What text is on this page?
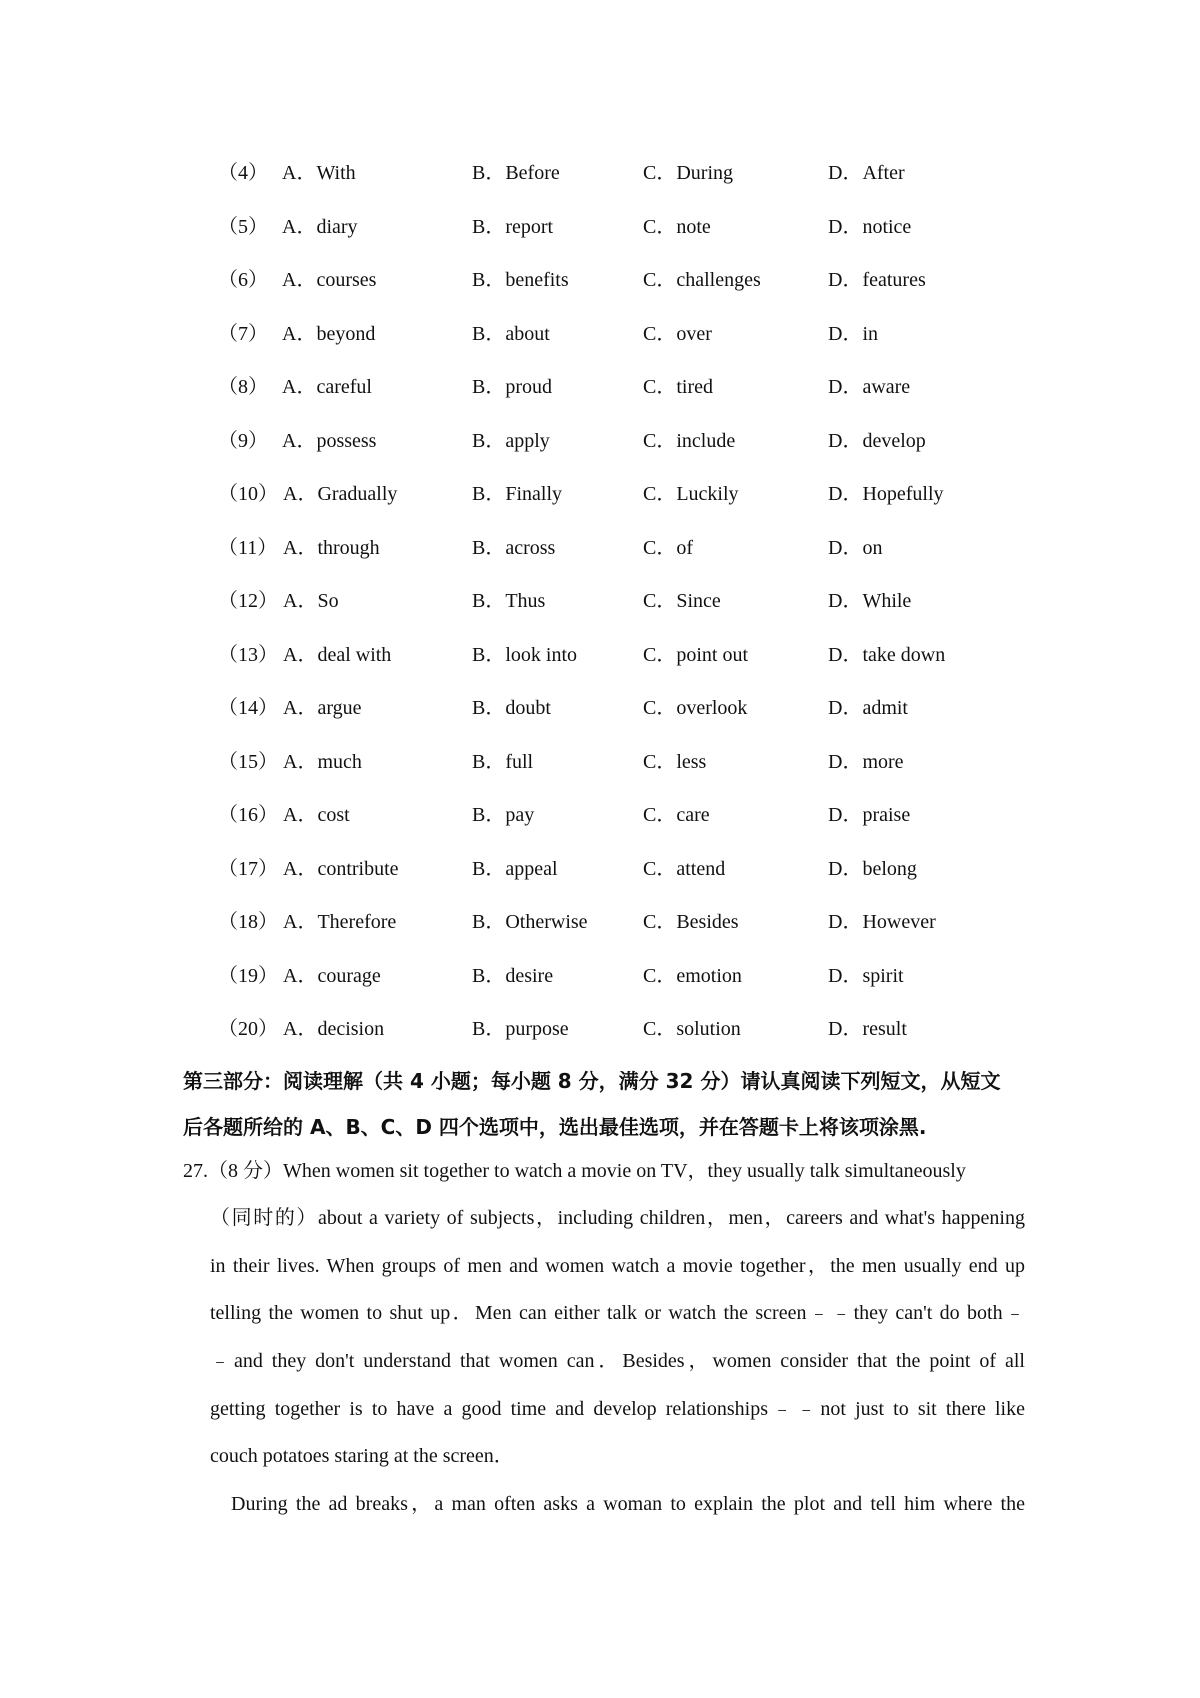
（4） A．With	B．Before	C．During	D．After
（5） A．diary	B．report	C．note	D．notice
（6） A．courses	B．benefits	C．challenges	D．features
（7） A．beyond	B．about	C．over	D．in
（8） A．careful	B．proud	C．tired	D．aware
（9） A．possess	B．apply	C．include	D．develop
（10） A．Gradually	B．Finally	C．Luckily	D．Hopefully
（11） A．through	B．across	C．of	D．on
（12） A．So	B．Thus	C．Since	D．While
（13） A．deal with	B．look into	C．point out	D．take down
（14） A．argue	B．doubt	C．overlook	D．admit
（15） A．much	B．full	C．less	D．more
（16） A．cost	B．pay	C．care	D．praise
（17） A．contribute	B．appeal	C．attend	D．belong
（18） A．Therefore	B．Otherwise	C．Besides	D．However
（19） A．courage	B．desire	C．emotion	D．spirit
（20） A．decision	B．purpose	C．solution	D．result
第三部分：阅读理解（共 4 小题；每小题 8 分，满分 32 分）请认真阅读下列短文，从短文
后各题所给的 A、B、C、D 四个选项中，选出最佳选项，并在答题卡上将该项涂黑.
27.（8 分）When women sit together to watch a movie on TV，they usually talk simultaneously
（同时的）about a variety of subjects，including children，men，careers and what's happening
in their lives. When groups of men and women watch a movie together，the men usually end up
telling the women to shut up．Men can either talk or watch the screen﹣﹣they can't do both﹣
﹣and they don't understand that women can．Besides，women consider that the point of all
getting together is to have a good time and develop relationships﹣﹣not just to sit there like
couch potatoes staring at the screen．
During the ad breaks，a man often asks a woman to explain the plot and tell him where the
